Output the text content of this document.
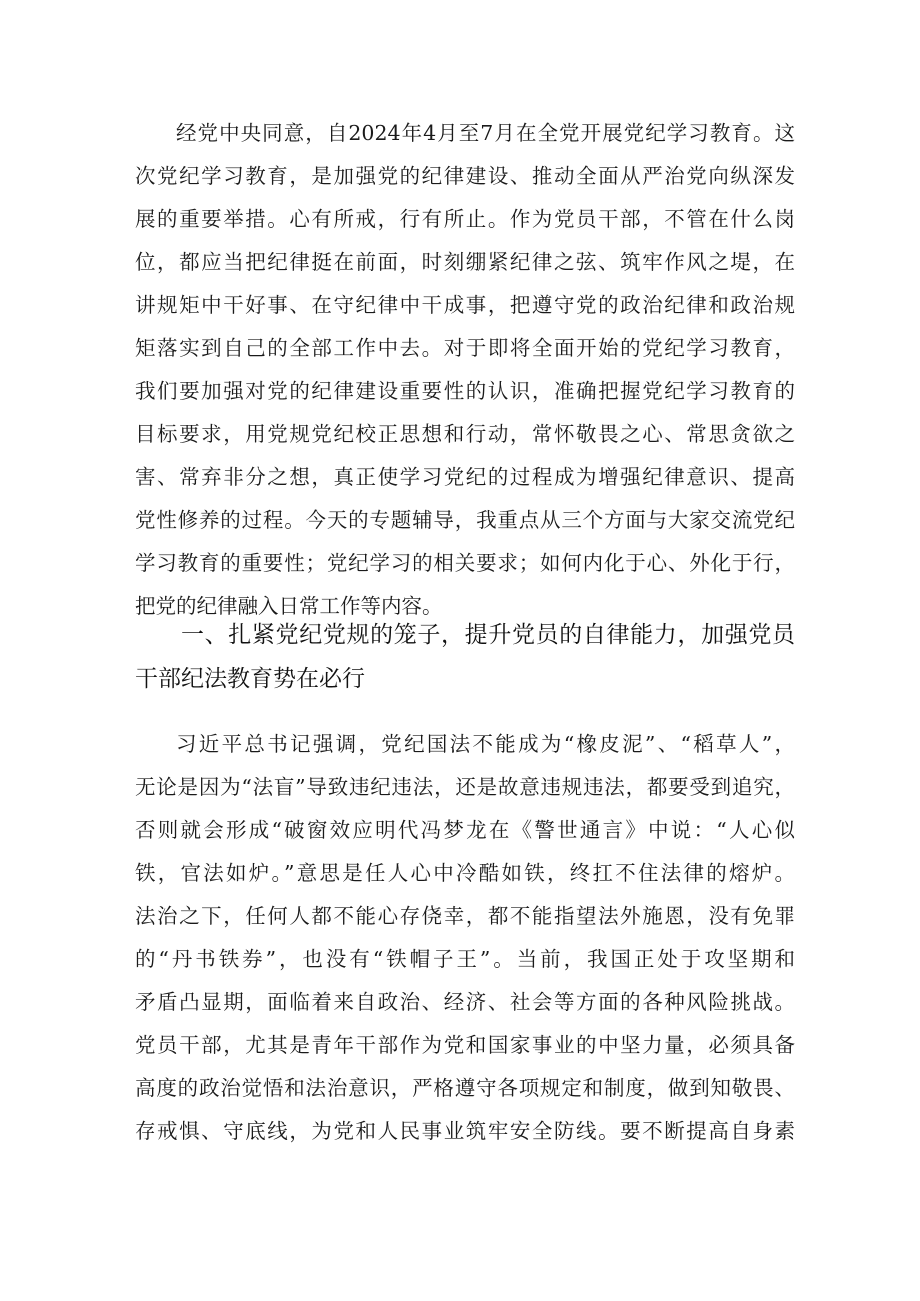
经党中央同意，自2024年4月至7月在全党开展党纪学习教育。这
次党纪学习教育，是加强党的纪律建设、推动全面从严治党向纵深发
展的重要举措。心有所戒，行有所止。作为党员干部，不管在什么岗
位，都应当把纪律挺在前面，时刻绷紧纪律之弦、筑牢作风之堤，在
讲规矩中干好事、在守纪律中干成事，把遵守党的政治纪律和政治规
矩落实到自己的全部工作中去。对于即将全面开始的党纪学习教育，
我们要加强对党的纪律建设重要性的认识，准确把握党纪学习教育的
目标要求，用党规党纪校正思想和行动，常怀敬畏之心、常思贪欲之
害、常弃非分之想，真正使学习党纪的过程成为增强纪律意识、提高
党性修养的过程。今天的专题辅导，我重点从三个方面与大家交流党纪
学习教育的重要性；党纪学习的相关要求；如何内化于心、外化于行，
把党的纪律融入日常工作等内容。
一、扎紧党纪党规的笼子，提升党员的自律能力，加强党员
干部纪法教育势在必行
习近平总书记强调，党纪国法不能成为“橡皮泥”、“稻草人”，
无论是因为“法盲”导致违纪违法，还是故意违规违法，都要受到追究，
否则就会形成“破窗效应明代冯梦龙在《警世通言》中说：“人心似
铁，官法如炉。”意思是任人心中冷酷如铁，终扛不住法律的熔炉。
法治之下，任何人都不能心存侥幸，都不能指望法外施恩，没有免罪
的“丹书铁券”，也没有“铁帽子王”。当前，我国正处于攻坚期和
矛盾凸显期，面临着来自政治、经济、社会等方面的各种风险挑战。
党员干部，尤其是青年干部作为党和国家事业的中坚力量，必须具备
高度的政治觉悟和法治意识，严格遵守各项规定和制度，做到知敬畏、
存戒惧、守底线，为党和人民事业筑牢安全防线。要不断提高自身素
